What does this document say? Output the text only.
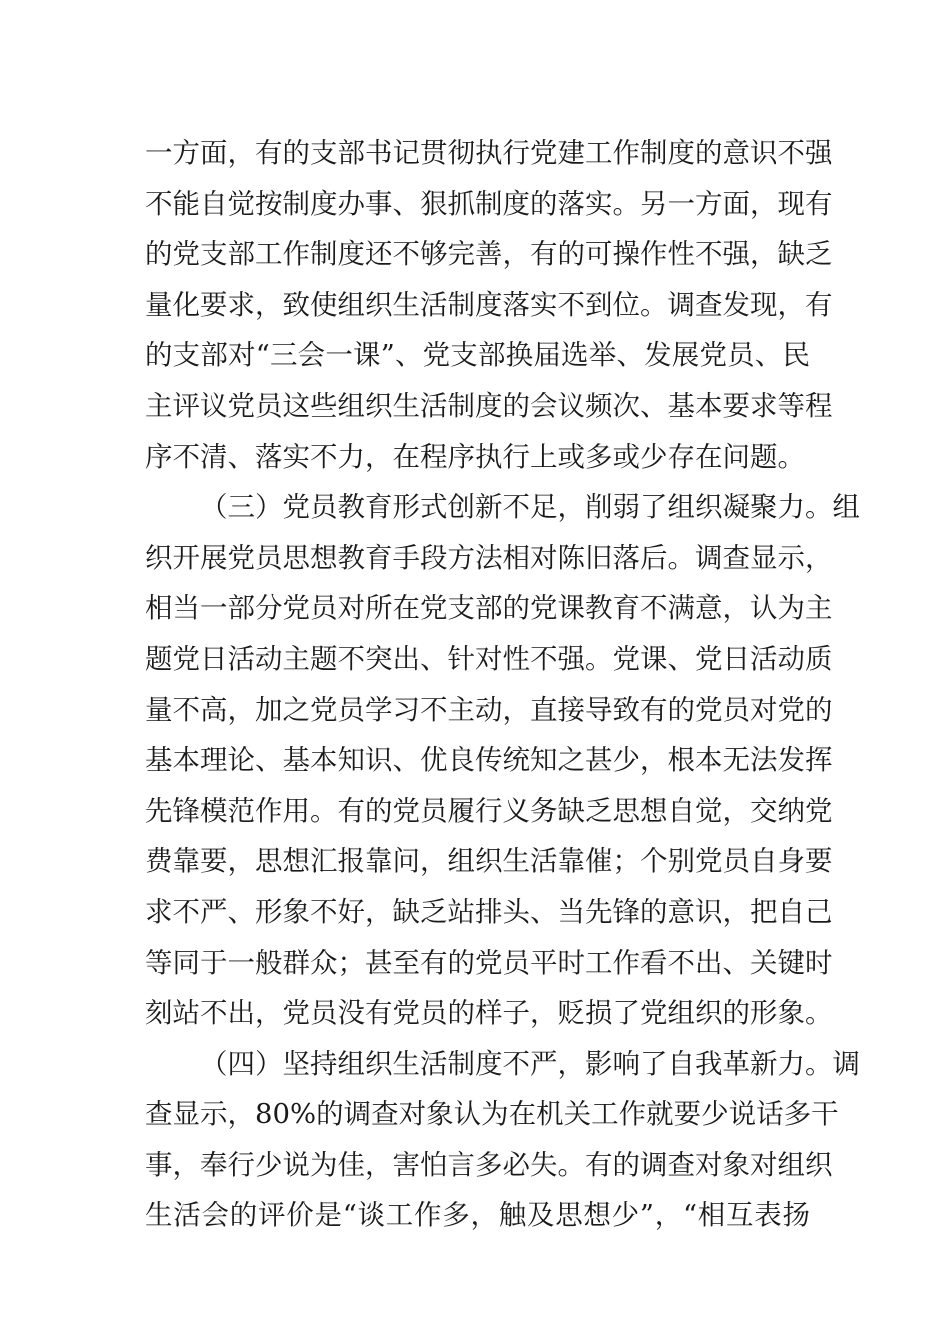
一方面，有的支部书记贯彻执行党建工作制度的意识不强
不能自觉按制度办事、狠抓制度的落实。另一方面，现有
的党支部工作制度还不够完善，有的可操作性不强，缺乏
量化要求，致使组织生活制度落实不到位。调查发现，有
的支部对“三会一课”、党支部换届选举、发展党员、民
主评议党员这些组织生活制度的会议频次、基本要求等程
序不清、落实不力，在程序执行上或多或少存在问题。
（三）党员教育形式创新不足，削弱了组织凝聚力。组
织开展党员思想教育手段方法相对陈旧落后。调查显示，
相当一部分党员对所在党支部的党课教育不满意，认为主
题党日活动主题不突出、针对性不强。党课、党日活动质
量不高，加之党员学习不主动，直接导致有的党员对党的
基本理论、基本知识、优良传统知之甚少，根本无法发挥
先锋模范作用。有的党员履行义务缺乏思想自觉，交纳党
费靠要，思想汇报靠问，组织生活靠催；个别党员自身要
求不严、形象不好，缺乏站排头、当先锋的意识，把自己
等同于一般群众；甚至有的党员平时工作看不出、关键时
刻站不出，党员没有党员的样子，贬损了党组织的形象。
（四）坚持组织生活制度不严，影响了自我革新力。调
查显示，80%的调查对象认为在机关工作就要少说话多干
事，奉行少说为佳，害怕言多必失。有的调查对象对组织
生活会的评价是“谈工作多，触及思想少”，“相互表扬
